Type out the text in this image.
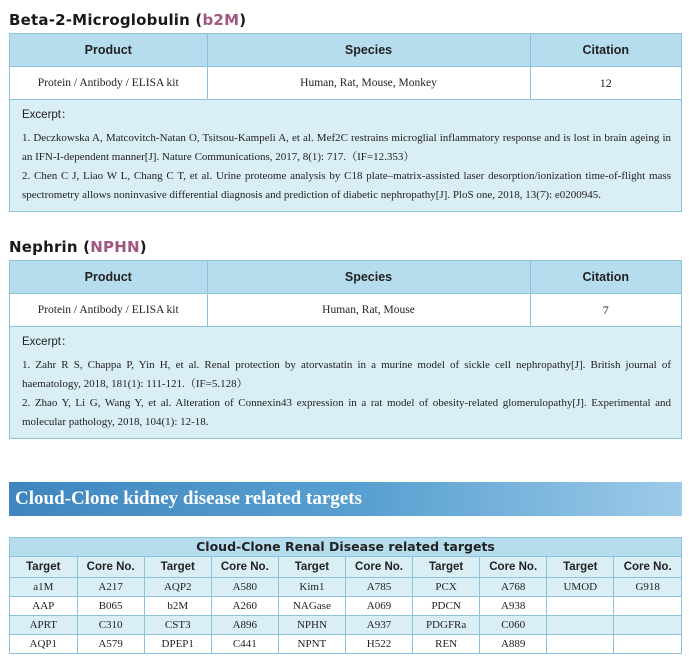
Beta-2-Microglobulin (b2M)
Product	Species	Citation
Protein / Antibody / ELISA kit	Human, Rat, Mouse, Monkey	12
Excerpt：

1. Deczkowska A, Matcovitch-Natan O, Tsitsou-Kampeli A, et al. Mef2C restrains microglial inflammatory response and is lost in brain ageing in an IFN-I-dependent manner[J]. Nature Communications, 2017, 8(1): 717.（IF=12.353）

2. Chen C J, Liao W L, Chang C T, et al. Urine proteome analysis by C18 plate–matrix-assisted laser desorption/ionization time-of-flight mass spectrometry allows noninvasive differential diagnosis and prediction of diabetic nephropathy[J]. PloS one, 2018, 13(7): e0200945.

Nephrin (NPHN)
Product	Species	Citation
Protein / Antibody / ELISA kit	Human, Rat, Mouse	7
Excerpt：

1. Zahr R S, Chappa P, Yin H, et al. Renal protection by atorvastatin in a murine model of sickle cell nephropathy[J]. British journal of haematology, 2018, 181(1): 111-121.（IF=5.128）

2. Zhao Y, Li G, Wang Y, et al. Alteration of Connexin43 expression in a rat model of obesity-related glomerulopathy[J]. Experimental and molecular pathology, 2018, 104(1): 12-18.

Cloud-Clone kidney disease related targets
Cloud-Clone Renal Disease related targets
Target	Core No.	Target	Core No.	Target	Core No.	Target	Core No.	Target	Core No.
a1M	A217	AQP2	A580	Kim1	A785	PCX	A768	UMOD	G918
AAP	B065	b2M	A260	NAGase	A069	PDCN	A938		
APRT	C310	CST3	A896	NPHN	A937	PDGFRa	C060		
AQP1	A579	DPEP1	C441	NPNT	H522	REN	A889		
